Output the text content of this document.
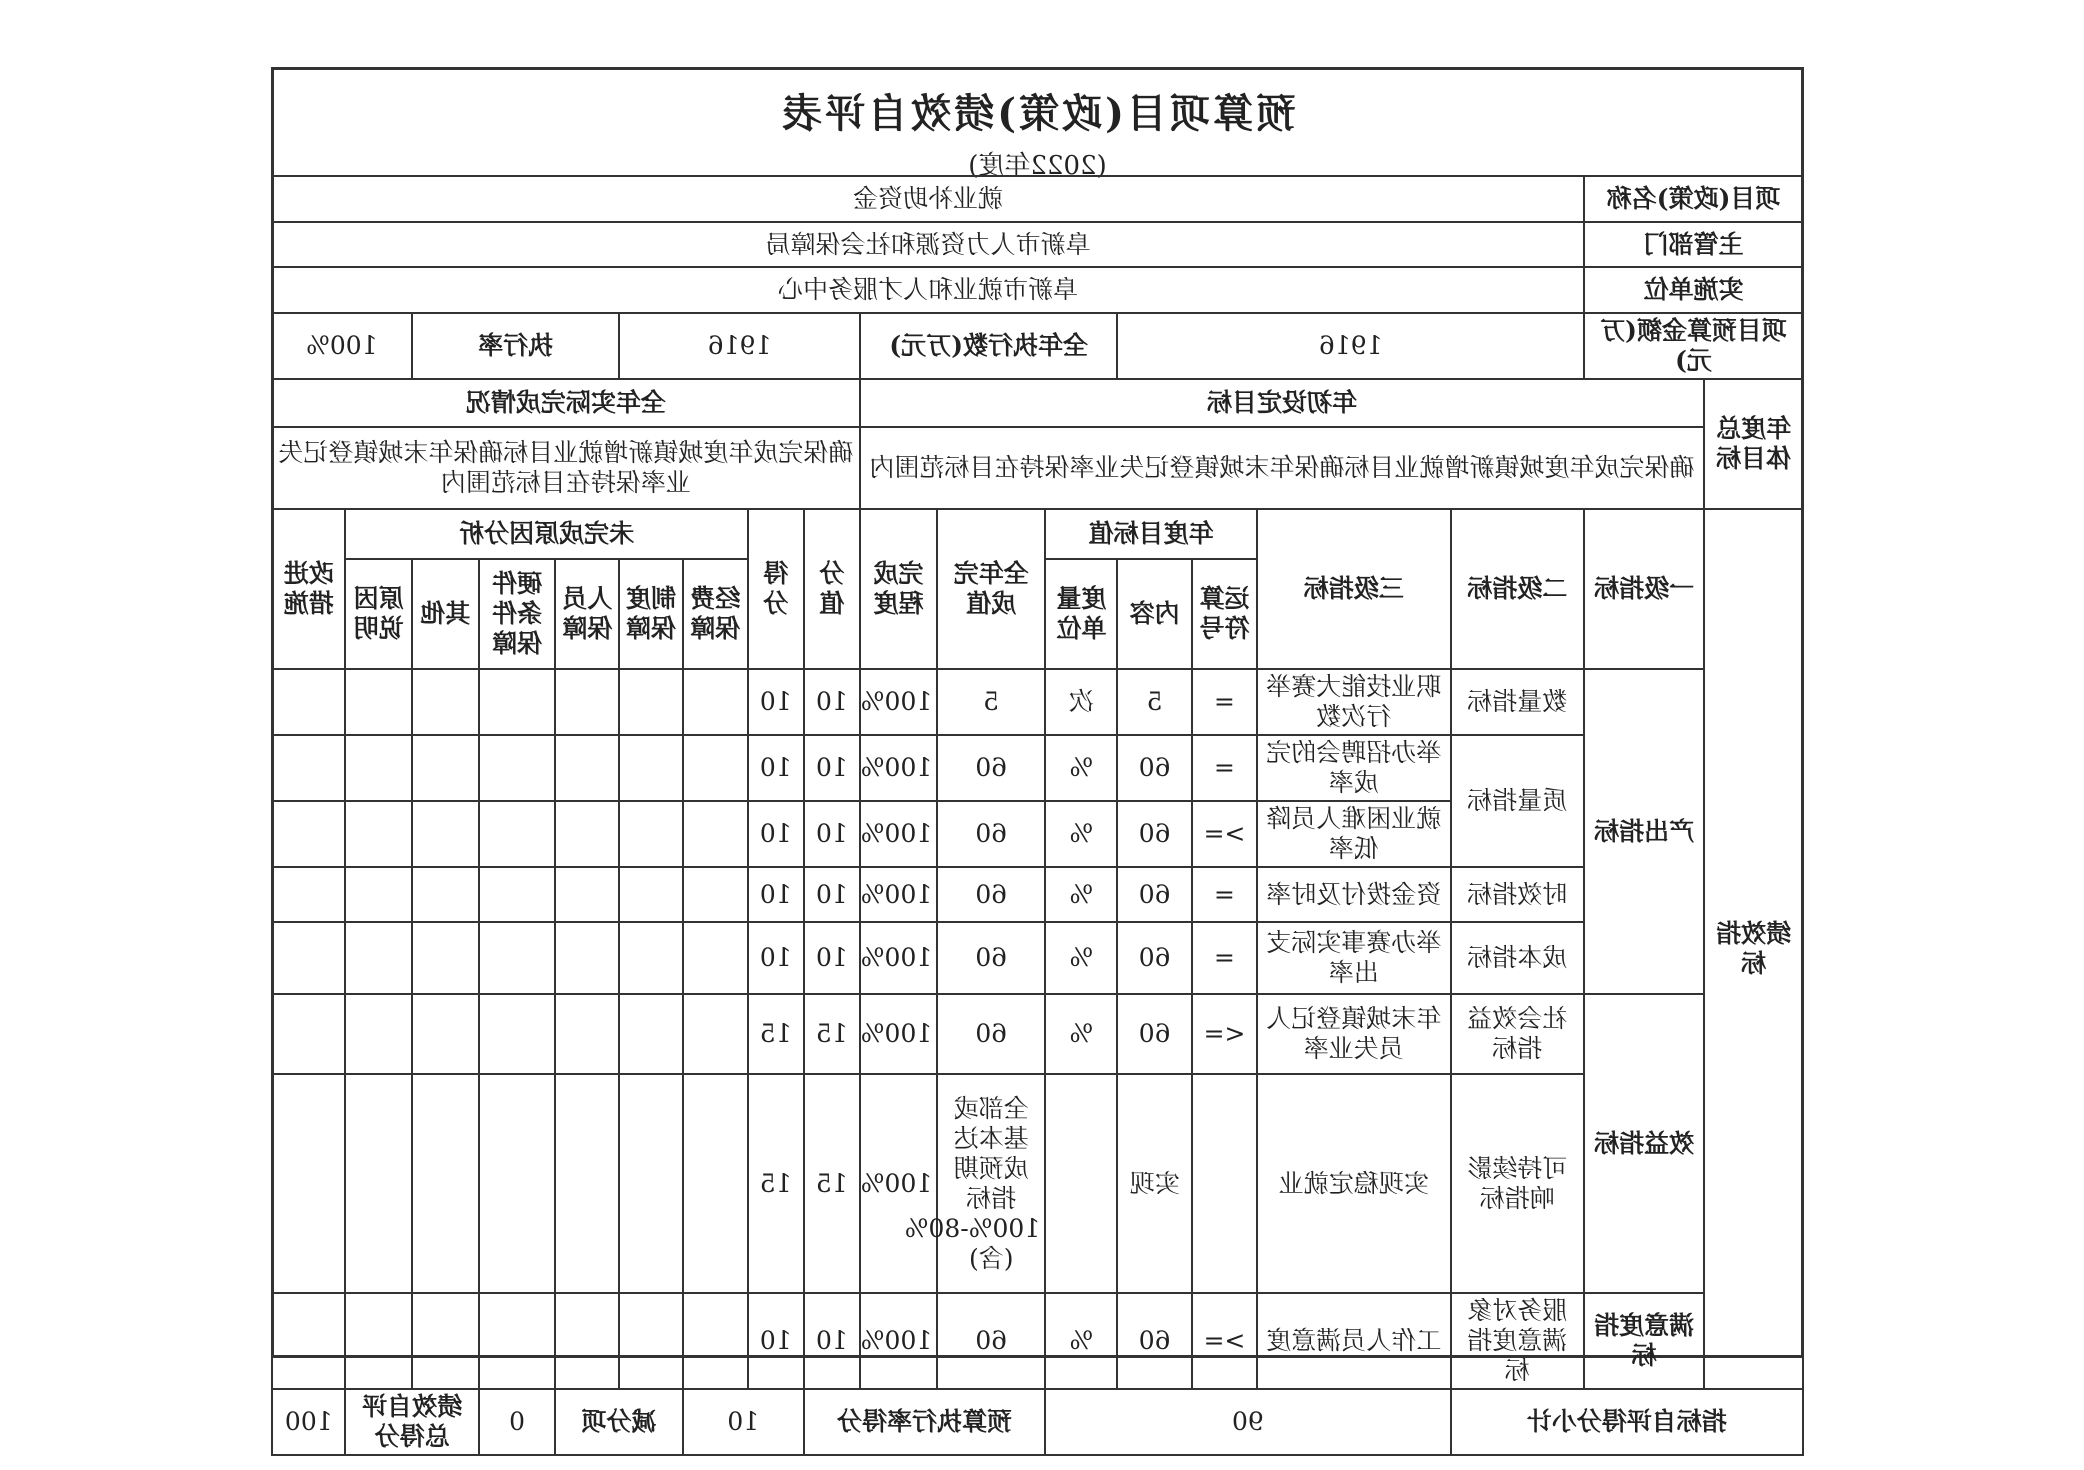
预算项目(政策)绩效自评表
(2022年度)
项目(政策)名称		就业补助资金															
主管部门		阜新市人力资源和社会保障局															
实施单位		阜新市就业和人才服务中心															
项目预算金额(万元)		1916				全年执行数(万元)			1916				执行率			100%	
年度总体目标	年初设定目标								全年实际完成情况								
	确保完成年度城镇新增就业目标确保年末城镇登记失业率保持在目标范围内								确保完成年度城镇新增就业目标确保年末城镇登记失业率保持在目标范围内								
绩效指标	一级指标	二级指标	三级指标	年度目标值			全年完成值	完成程度	分值	得分	未完成原因分析						改进措施
				运算符号	内容	度量单位					经费保障	制度保障	人员保障	硬件条件保障	其他	原因说明	
	产出指标	数量指标	职业技能大赛举行次数	=	5	次	5	100%	10	10							
		质量指标	举办招聘会的完成率	=	60	%	60	100%	10	10							
			就业困难人员降低率	>=	60	%	60	100%	10	10							
		时效指标	资金拨付及时率	=	60	%	60	100%	10	10							
		成本指标	举办赛事实际支出率	=	60	%	60	100%	10	10							
	效益指标	社会效益指标	年末城镇登记人员失业率	<=	60	%	60	100%	15	15							
		可持续影响指标	实现稳定就业		实现		全部或基本达成预期指标100%-80%(含)	100%	15	15							
	满意度指标	服务对象满意度指标	工作人员满意度	>=	60	%	60	100%	10	10							
指标自评得分小计			90				预算执行率得分			10		减分项		0	绩效自评总得分		100
